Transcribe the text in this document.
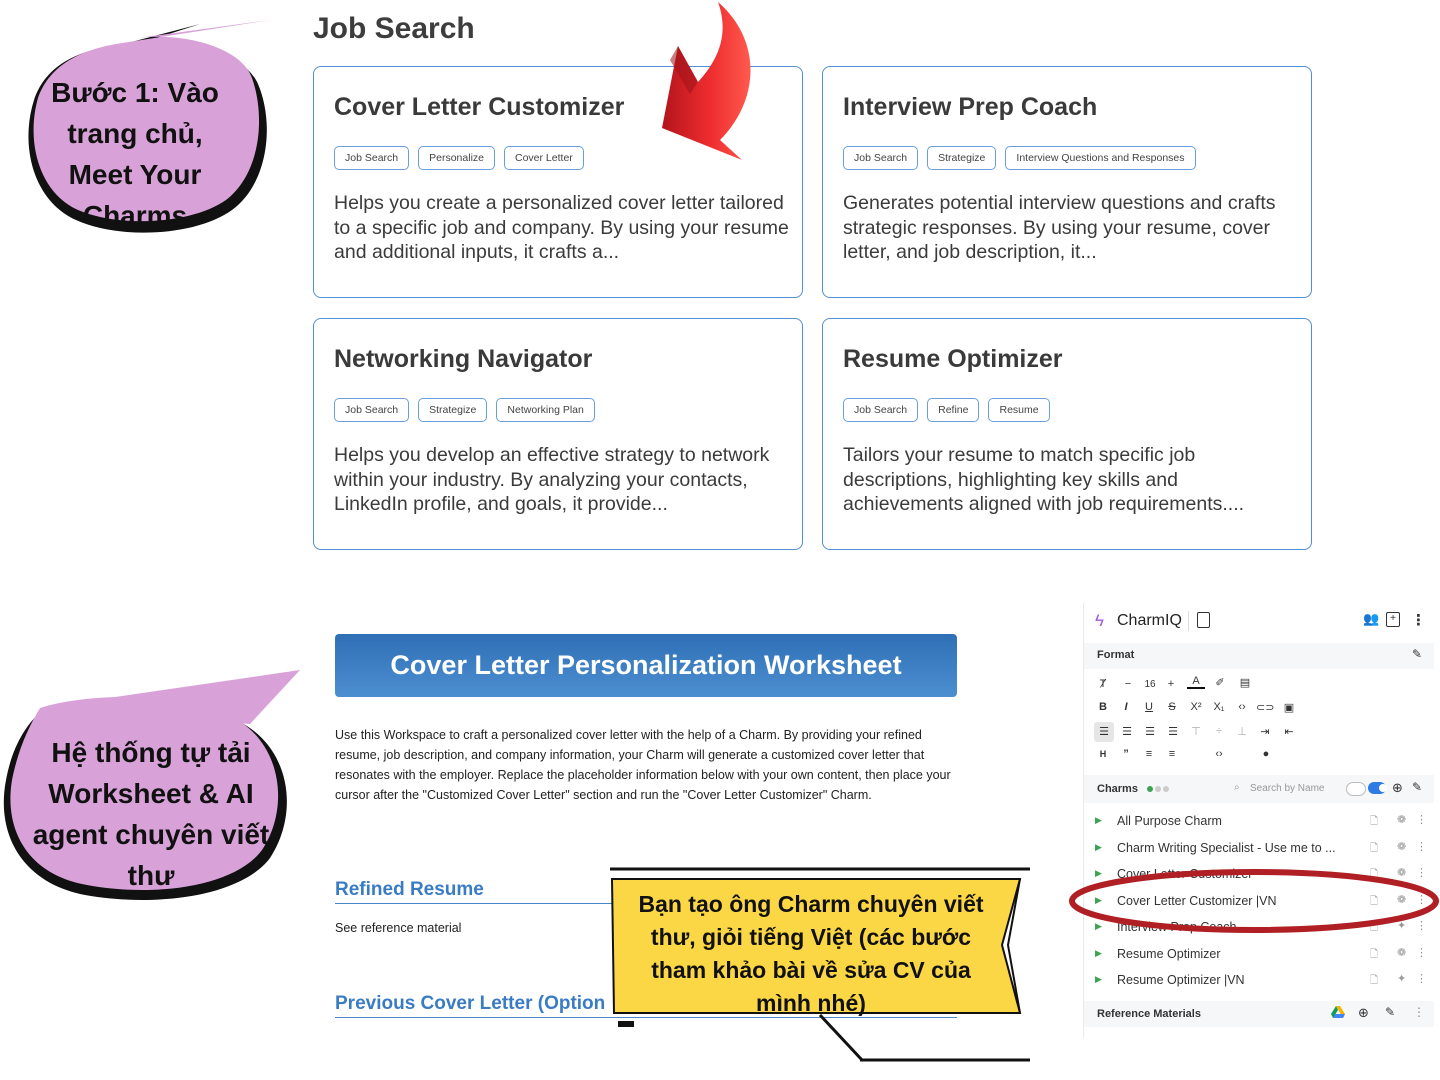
Job Search
Cover Letter Customizer
Job Search	Personalize	Cover Letter
Helps you create a personalized cover letter tailored to a specific job and company. By using your resume and additional inputs, it crafts a...
Interview Prep Coach
Job Search	Strategize	Interview Questions and Responses
Generates potential interview questions and crafts strategic responses. By using your resume, cover letter, and job description, it...
Networking Navigator
Job Search	Strategize	Networking Plan
Helps you develop an effective strategy to network within your industry. By analyzing your contacts, LinkedIn profile, and goals, it provide...
Resume Optimizer
Job Search	Refine	Resume
Tailors your resume to match specific job descriptions, highlighting key skills and achievements aligned with job requirements....
Bước 1: Vào trang chủ, Meet Your Charms
Cover Letter Personalization Worksheet
Use this Workspace to craft a personalized cover letter with the help of a Charm. By providing your refined resume, job description, and company information, your Charm will generate a customized cover letter that resonates with the employer. Replace the placeholder information below with your own content, then place your cursor after the "Customized Cover Letter" section and run the "Cover Letter Customizer" Charm.
Refined Resume
See reference material
Previous Cover Letter (Option
Hệ thống tự tải Worksheet & AI agent chuyên viết thư
Bạn tạo ông Charm chuyên viết thư, giỏi tiếng Việt (các bước tham khảo bài về sửa CV của mình nhé)
ϟ CharmIQ	👥	+ ⋮
Format	✎
Ⱦ	−	16	+	A	✐	▤
B	I	U	S	X²	X₁	‹› ⊂⊃ ▣
☰	☰	☰	☰	⊤	÷	⊥	⇥	⇤
H	”	≡	≡	‹›	●
Charms	⌕ Search by Name	⊕ ✎
▶ All Purpose Charm	🗋 ❁ ⋮
▶ Charm Writing Specialist - Use me to ...	🗋 ❁ ⋮
▶ Cover Letter Customizer	🗋 ❁ ⋮
▶ Cover Letter Customizer |VN	🗋 ❁ ⋮
▶ Interview Prep Coach	🗋 ✦ ⋮
▶ Resume Optimizer	🗋 ❁ ⋮
▶ Resume Optimizer |VN	🗋 ✦ ⋮
Reference Materials	⊕ ✎ ⋮
